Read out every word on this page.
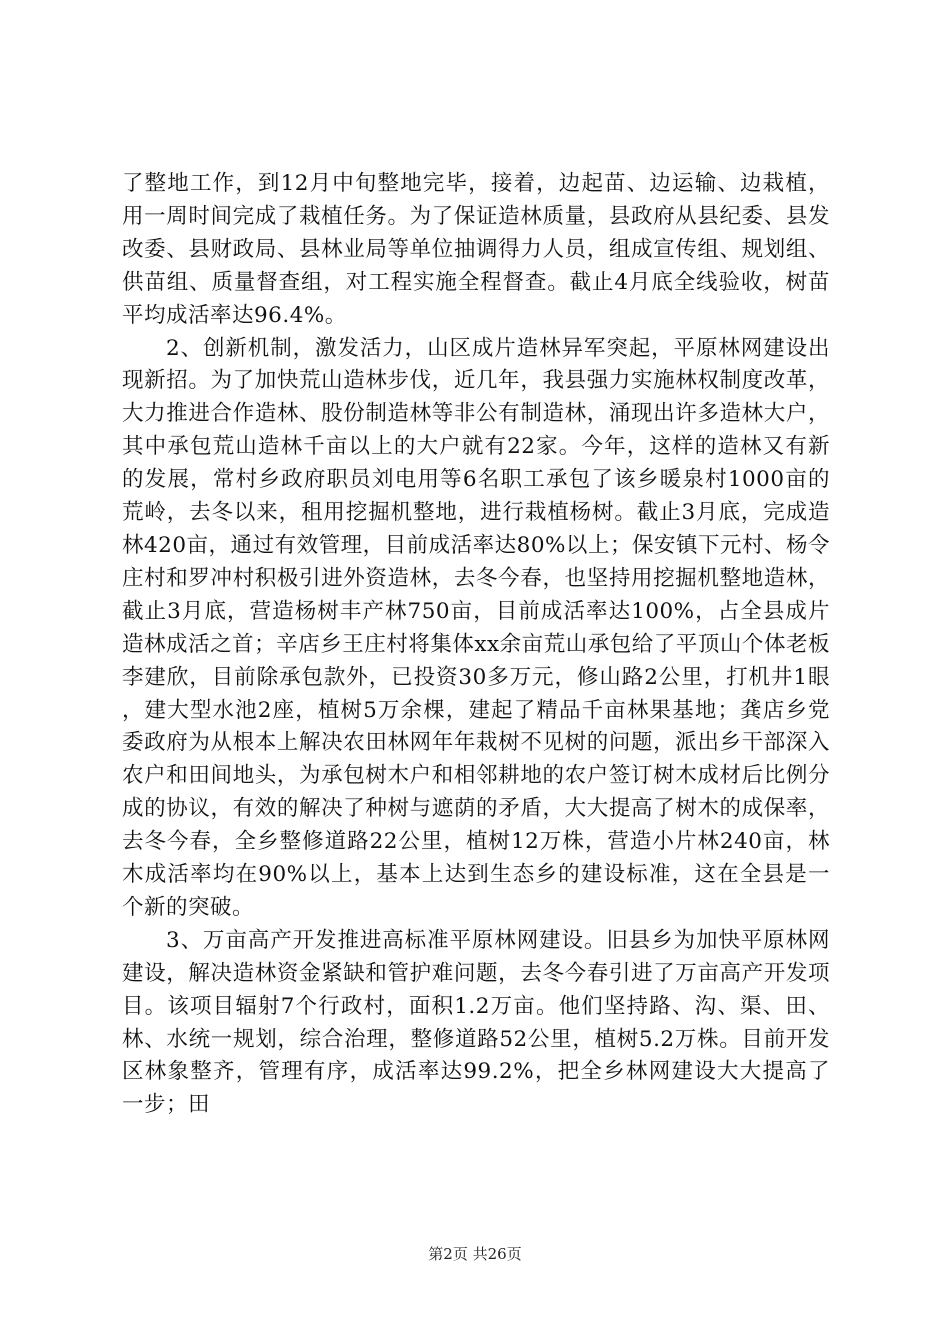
了整地工作，到12月中旬整地完毕，接着，边起苗、边运输、边栽植，用一周时间完成了栽植任务。为了保证造林质量，县政府从县纪委、县发改委、县财政局、县林业局等单位抽调得力人员，组成宣传组、规划组、供苗组、质量督查组，对工程实施全程督查。截止4月底全线验收，树苗平均成活率达96.4%。

2、创新机制，激发活力，山区成片造林异军突起，平原林网建设出现新招。为了加快荒山造林步伐，近几年，我县强力实施林权制度改革，大力推进合作造林、股份制造林等非公有制造林，涌现出许多造林大户，其中承包荒山造林千亩以上的大户就有22家。今年，这样的造林又有新的发展，常村乡政府职员刘电用等6名职工承包了该乡暖泉村1000亩的荒岭，去冬以来，租用挖掘机整地，进行栽植杨树。截止3月底，完成造林420亩，通过有效管理，目前成活率达80%以上；保安镇下元村、杨令庄村和罗冲村积极引进外资造林，去冬今春，也坚持用挖掘机整地造林，截止3月底，营造杨树丰产林750亩，目前成活率达100%，占全县成片造林成活之首；辛店乡王庄村将集体xx余亩荒山承包给了平顶山个体老板李建欣，目前除承包款外，已投资30多万元，修山路2公里，打机井1眼，建大型水池2座，植树5万余棵，建起了精品千亩林果基地；龚店乡党委政府为从根本上解决农田林网年年栽树不见树的问题，派出乡干部深入农户和田间地头，为承包树木户和相邻耕地的农户签订树木成材后比例分成的协议，有效的解决了种树与遮荫的矛盾，大大提高了树木的成保率，去冬今春，全乡整修道路22公里，植树12万株，营造小片林240亩，林木成活率均在90%以上，基本上达到生态乡的建设标准，这在全县是一个新的突破。

3、万亩高产开发推进高标准平原林网建设。旧县乡为加快平原林网建设，解决造林资金紧缺和管护难问题，去冬今春引进了万亩高产开发项目。该项目辐射7个行政村，面积1.2万亩。他们坚持路、沟、渠、田、林、水统一规划，综合治理，整修道路52公里，植树5.2万株。目前开发区林象整齐，管理有序，成活率达99.2%，把全乡林网建设大大提高了一步；田

第2页 共26页
